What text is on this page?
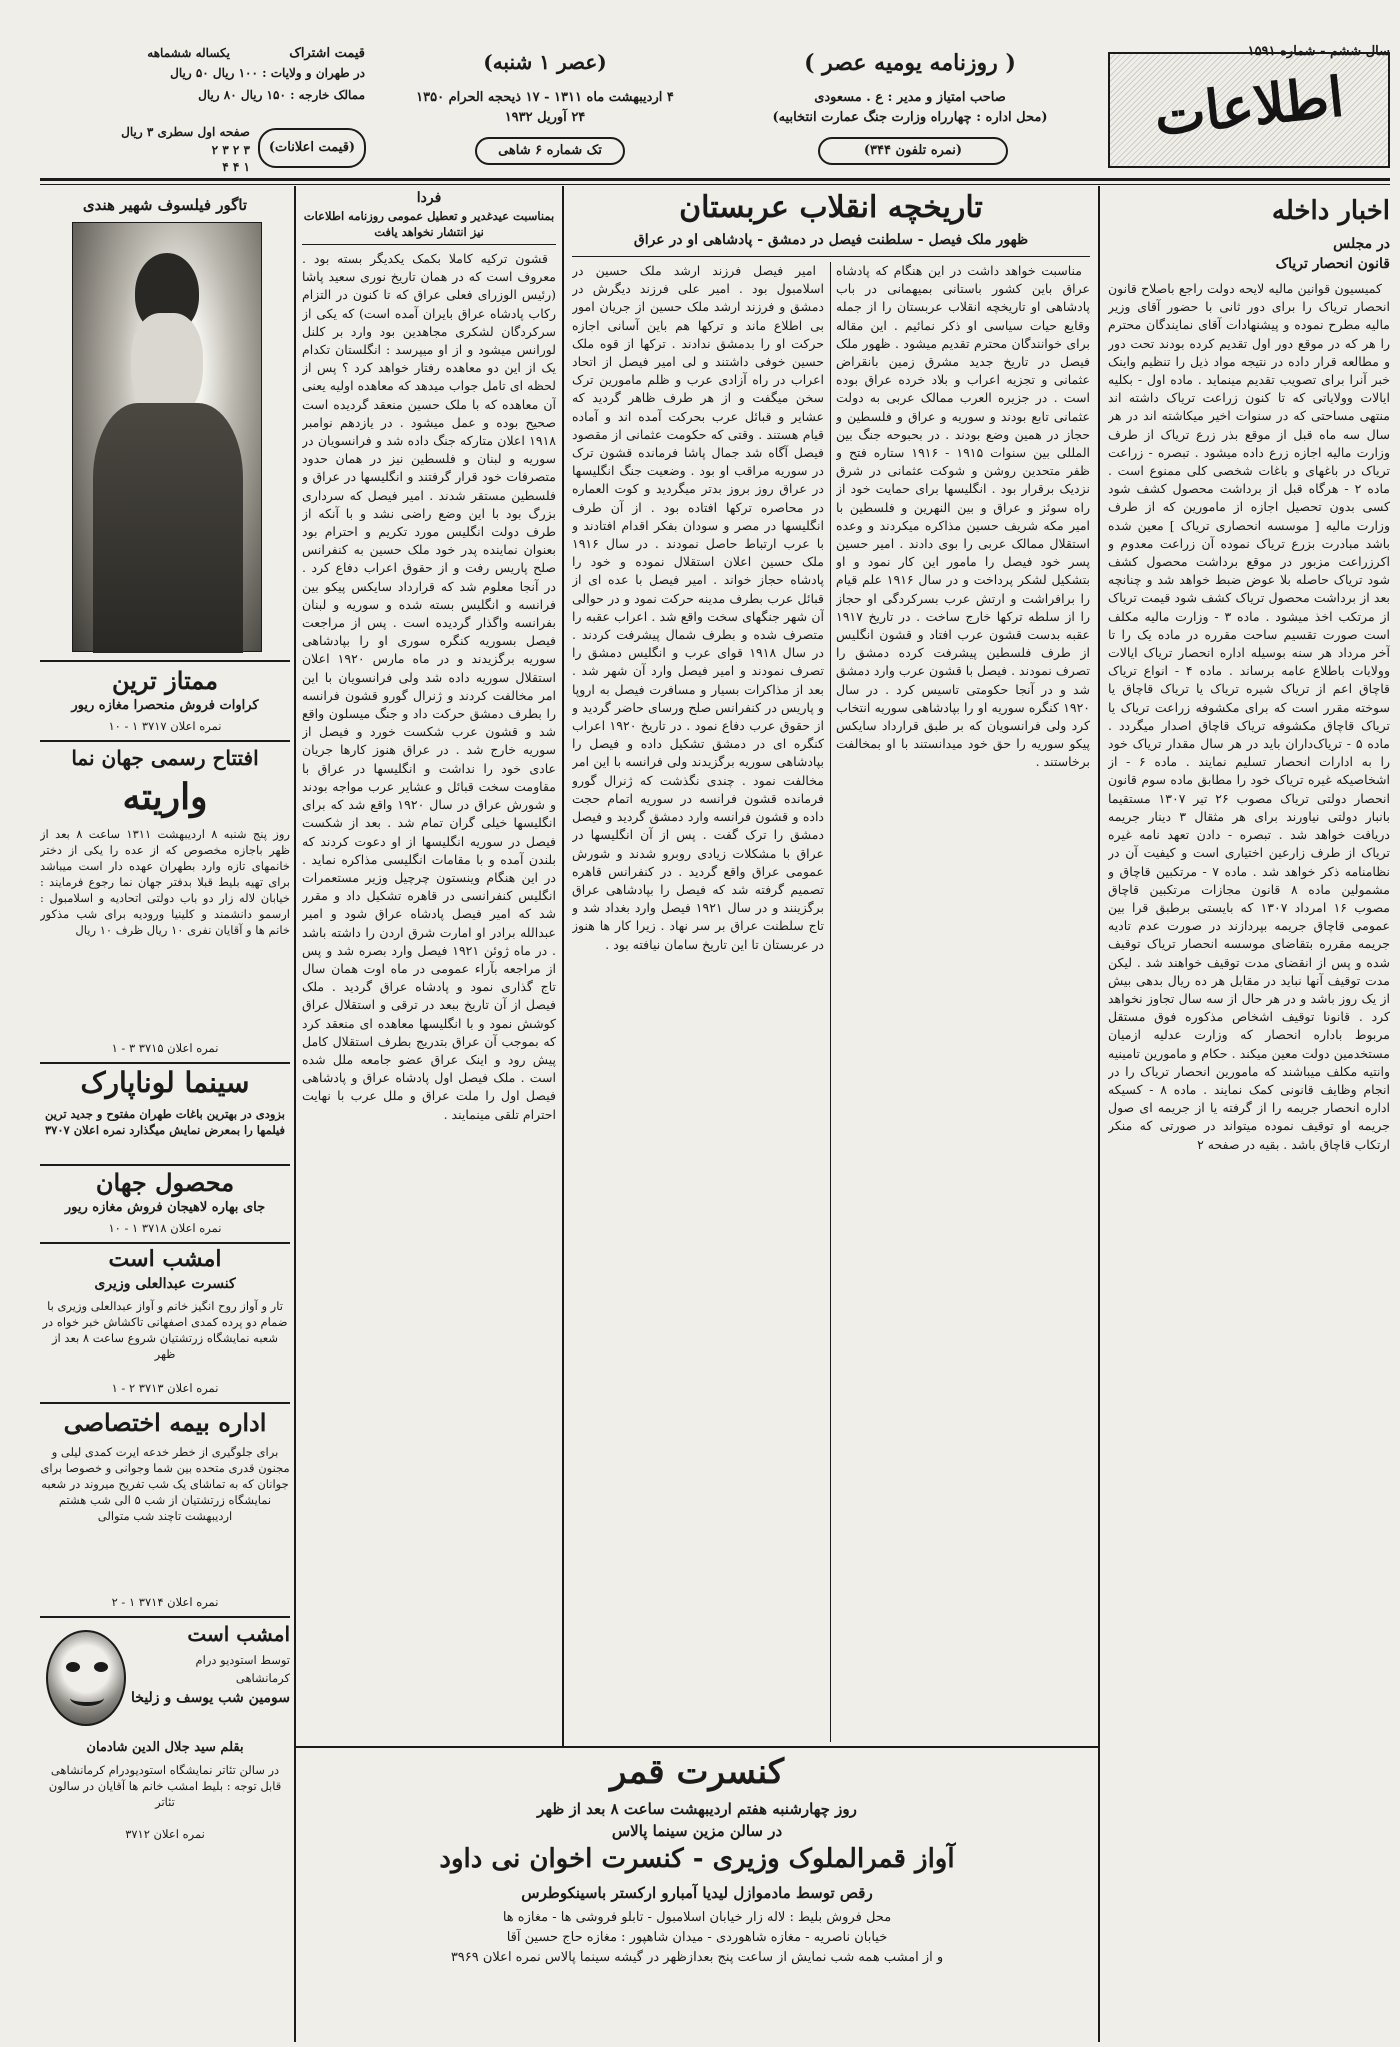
اطلاعات
سال ششم - شماره ۱۵۹۱
( روزنامه یومیه عصر )
صاحب امتیاز و مدیر : ع . مسعودی
(محل اداره : چهارراه وزارت جنگ عمارت انتخابیه)
(نمره تلفون ۳۴۴)
(عصر ۱ شنبه)
۴ اردیبهشت ماه ۱۳۱۱ - ۱۷ ذیحجه الحرام ۱۳۵۰
۲۴ آوریل ۱۹۳۲
تک شماره ۶ شاهی
قیمت اشتراک
یکساله ششماهه
در طهران و ولایات : ۱۰۰ ریال ۵۰ ریال
ممالک خارجه : ۱۵۰ ریال ۸۰ ریال
(قیمت اعلانات)
صفحه اول سطری ۳ ریال
۳ ۲ ۳ ۲
۱ ۴ ۴
اخبار داخله
در مجلس
قانون انحصار تریاک

کمیسیون قوانین مالیه لایحه دولت راجع باصلاح قانون انحصار تریاک را برای دور ثانی با حضور آقای وزیر مالیه مطرح نموده و پیشنهادات آقای نمایندگان محترم را هر که در موقع دور اول تقدیم کرده بودند تحت دور و مطالعه قرار داده در نتیجه مواد ذیل را تنظیم واینک خبر آنرا برای تصویب تقدیم مینماید . ماده اول - بکلیه ایالات وولایاتی که تا کنون زراعت تریاک داشته اند منتهی مساحتی که در سنوات اخیر میکاشته اند در هر سال سه ماه قبل از موقع بذر زرع تریاک از طرف وزارت مالیه اجازه زرع داده میشود . تبصره - زراعت تریاک در باغهای و باغات شخصی کلی ممنوع است . ماده ۲ - هرگاه قبل از برداشت محصول کشف شود کسی بدون تحصیل اجازه از مامورین که از طرف وزارت مالیه [ موسسه انحصاری تریاک ] معین شده باشد مبادرت بزرع تریاک نموده آن زراعت معدوم و اکرزراعت مزبور در موقع برداشت محصول کشف شود تریاک حاصله بلا عوض ضبط خواهد شد و چنانچه بعد از برداشت محصول تریاک کشف شود قیمت تریاک از مرتکب اخذ میشود . ماده ۳ - وزارت مالیه مکلف است صورت تقسیم ساحت مقرره در ماده یک را تا آخر مرداد هر سنه بوسیله اداره انحصار تریاک ایالات وولایات باطلاع عامه برساند . ماده ۴ - انواع تریاک قاچاق اعم از تریاک شیره تریاک یا تریاک قاچاق یا سوخته مقرر است که برای مکشوفه زراعت تریاک یا تریاک قاچاق مکشوفه تریاک قاچاق اصدار میگردد . ماده ۵ - تریاک‌داران باید در هر سال مقدار تریاک خود را به ادارات انحصار تسلیم نمایند . ماده ۶ - از اشخاصیکه غیره تریاک خود را مطابق ماده سوم قانون انحصار دولتی تریاک مصوب ۲۶ تیر ۱۳۰۷ مستقیما بانبار دولتی نیاورند برای هر مثقال ۳ دینار جریمه دریافت خواهد شد . تبصره - دادن تعهد نامه غیره تریاک از طرف زارعین اختیاری است و کیفیت آن در نظامنامه ذکر خواهد شد . ماده ۷ - مرتکبین قاچاق و مشمولین ماده ۸ قانون مجازات مرتکبین قاچاق مصوب ۱۶ امرداد ۱۳۰۷ که بایستی برطبق قرا بین عمومی قاچاق جریمه بپردازند در صورت عدم تادیه جریمه مقرره بتقاضای موسسه انحصار تریاک توقیف شده و پس از انقضای مدت توقیف خواهند شد . لیکن مدت توقیف آنها نباید در مقابل هر ده ریال بدهی بیش از یک روز باشد و در هر حال از سه سال تجاوز نخواهد کرد . قانونا توقیف اشخاص مذکوره فوق مستقل مربوط باداره انحصار که وزارت عدلیه ازمیان مستخدمین دولت معین میکند . حکام و مامورین تامینیه وانتیه مکلف میباشند که مامورین انحصار تریاک را در انجام وظایف قانونی کمک نمایند . ماده ۸ - کسیکه اداره انحصار جریمه را از گرفته یا از جریمه ای صول جریمه او توقیف نموده میتواند در صورتی که منکر ارتکاب قاچاق باشد . بقیه در صفحه ۲

تاریخچه انقلاب عربستان
ظهور ملک فیصل - سلطنت فیصل در دمشق - پادشاهی او در عراق

مناسبت خواهد داشت در این هنگام که پادشاه عراق باین کشور باستانی بمیهمانی در باب پادشاهی او تاریخچه انقلاب عربستان را از جمله وقایع حیات سیاسی او ذکر نمائیم . این مقاله برای خوانندگان محترم تقدیم میشود . ظهور ملک فیصل در تاریخ جدید مشرق زمین بانقراض عثمانی و تجزیه اعراب و بلاد خرده عراق بوده است . در جزیره العرب ممالک عربی به دولت عثمانی تابع بودند و سوریه و عراق و فلسطین و حجاز در همین وضع بودند . در بحبوحه جنگ بین المللی بین سنوات ۱۹۱۵ - ۱۹۱۶ ستاره فتح و ظفر متحدین روشن و شوکت عثمانی در شرق نزدیک برقرار بود . انگلیسها برای حمایت خود از راه سوئز و عراق و بین النهرین و فلسطین با امیر مکه شریف حسین مذاکره میکردند و وعده استقلال ممالک عربی را بوی دادند . امیر حسین پسر خود فیصل را مامور این کار نمود و او بتشکیل لشکر پرداخت و در سال ۱۹۱۶ علم قیام را برافراشت و ارتش عرب بسرکردگی او حجاز را از سلطه ترکها خارج ساخت . در تاریخ ۱۹۱۷ عقبه بدست قشون عرب افتاد و قشون انگلیس از طرف فلسطین پیشرفت کرده دمشق را تصرف نمودند . فیصل با قشون عرب وارد دمشق شد و در آنجا حکومتی تاسیس کرد . در سال ۱۹۲۰ کنگره سوریه او را بپادشاهی سوریه انتخاب کرد ولی فرانسویان که بر طبق قرارداد سایکس پیکو سوریه را حق خود میدانستند با او بمخالفت برخاستند .

امیر فیصل فرزند ارشد ملک حسین در اسلامبول بود . امیر علی فرزند دیگرش در دمشق و فرزند ارشد ملک حسین از جریان امور بی اطلاع ماند و ترکها هم باین آسانی اجازه حرکت او را بدمشق ندادند . ترکها از قوه ملک حسین خوفی داشتند و لی امیر فیصل از اتحاد اعراب در راه آزادی عرب و ظلم مامورین ترک سخن میگفت و از هر طرف ظاهر گردید که عشایر و قبائل عرب بحرکت آمده اند و آماده قیام هستند . وقتی که حکومت عثمانی از مقصود فیصل آگاه شد جمال پاشا فرمانده قشون ترک در سوریه مراقب او بود . وضعیت جنگ انگلیسها در عراق روز بروز بدتر میگردید و کوت العماره در محاصره ترکها افتاده بود . از آن طرف انگلیسها در مصر و سودان بفکر اقدام افتادند و با عرب ارتباط حاصل نمودند . در سال ۱۹۱۶ ملک حسین اعلان استقلال نموده و خود را پادشاه حجاز خواند . امیر فیصل با عده ای از قبائل عرب بطرف مدینه حرکت نمود و در حوالی آن شهر جنگهای سخت واقع شد . اعراب عقبه را متصرف شده و بطرف شمال پیشرفت کردند . در سال ۱۹۱۸ قوای عرب و انگلیس دمشق را تصرف نمودند و امیر فیصل وارد آن شهر شد . بعد از مذاکرات بسیار و مسافرت فیصل به اروپا و پاریس در کنفرانس صلح ورسای حاضر گردید و از حقوق عرب دفاع نمود . در تاریخ ۱۹۲۰ اعراب کنگره ای در دمشق تشکیل داده و فیصل را بپادشاهی سوریه برگزیدند ولی فرانسه با این امر مخالفت نمود . چندی نگذشت که ژنرال گورو فرمانده قشون فرانسه در سوریه اتمام حجت داده و قشون فرانسه وارد دمشق گردید و فیصل دمشق را ترک گفت . پس از آن انگلیسها در عراق با مشکلات زیادی روبرو شدند و شورش عمومی عراق واقع گردید . در کنفرانس قاهره تصمیم گرفته شد که فیصل را بپادشاهی عراق برگزینند و در سال ۱۹۲۱ فیصل وارد بغداد شد و تاج سلطنت عراق بر سر نهاد . زیرا کار ها هنوز در عربستان تا این تاریخ سامان نیافته بود .

فردا
بمناسبت عیدغدیر و تعطیل عمومی روزنامه اطلاعات نیز انتشار نخواهد یافت

قشون ترکیه کاملا بکمک یکدیگر بسته بود . معروف است که در همان تاریخ نوری سعید پاشا (رئیس الوزرای فعلی عراق که تا کنون در التزام رکاب پادشاه عراق بایران آمده است) که یکی از سرکردگان لشکری مجاهدین بود وارد بر کلنل لورانس میشود و از او میپرسد : انگلستان تکدام یک از این دو معاهده رفتار خواهد کرد ؟ پس از لحظه ای تامل جواب میدهد که معاهده اولیه یعنی آن معاهده که با ملک حسین منعقد گردیده است صحیح بوده و عمل میشود . در یازدهم نوامبر ۱۹۱۸ اعلان متارکه جنگ داده شد و فرانسویان در سوریه و لبنان و فلسطین نیز در همان حدود متصرفات خود قرار گرفتند و انگلیسها در عراق و فلسطین مستقر شدند . امیر فیصل که سرداری بزرگ بود با این وضع راضی نشد و با آنکه از طرف دولت انگلیس مورد تکریم و احترام بود بعنوان نماینده پدر خود ملک حسین به کنفرانس صلح پاریس رفت و از حقوق اعراب دفاع کرد . در آنجا معلوم شد که قرارداد سایکس پیکو بین فرانسه و انگلیس بسته شده و سوریه و لبنان بفرانسه واگذار گردیده است . پس از مراجعت فیصل بسوریه کنگره سوری او را بپادشاهی سوریه برگزیدند و در ماه مارس ۱۹۲۰ اعلان استقلال سوریه داده شد ولی فرانسویان با این امر مخالفت کردند و ژنرال گورو قشون فرانسه را بطرف دمشق حرکت داد و جنگ میسلون واقع شد و قشون عرب شکست خورد و فیصل از سوریه خارج شد . در عراق هنوز کارها جریان عادی خود را نداشت و انگلیسها در عراق با مقاومت سخت قبائل و عشایر عرب مواجه بودند و شورش عراق در سال ۱۹۲۰ واقع شد که برای انگلیسها خیلی گران تمام شد . بعد از شکست فیصل در سوریه انگلیسها از او دعوت کردند که بلندن آمده و با مقامات انگلیسی مذاکره نماید . در این هنگام وینستون چرچیل وزیر مستعمرات انگلیس کنفرانسی در قاهره تشکیل داد و مقرر شد که امیر فیصل پادشاه عراق شود و امیر عبدالله برادر او امارت شرق اردن را داشته باشد . در ماه ژوئن ۱۹۲۱ فیصل وارد بصره شد و پس از مراجعه بآراء عمومی در ماه اوت همان سال تاج گذاری نمود و پادشاه عراق گردید . ملک فیصل از آن تاریخ ببعد در ترقی و استقلال عراق کوشش نمود و با انگلیسها معاهده ای منعقد کرد که بموجب آن عراق بتدریج بطرف استقلال کامل پیش رود و اینک عراق عضو جامعه ملل شده است . ملک فیصل اول پادشاه عراق و پادشاهی فیصل اول را ملت عراق و ملل عرب با نهایت احترام تلقی مینمایند .

کنسرت قمر
روز چهارشنبه هفتم اردیبهشت ساعت ۸ بعد از ظهر
در سالن مزین سینما پالاس
آواز قمرالملوک وزیری - کنسرت اخوان نی داود
رقص توسط مادموازل لیدیا آمبارو ارکستر باسینکوطرس
محل فروش بلیط : لاله زار خیابان اسلامبول - تابلو فروشی ها - مغازه ها
خیابان ناصریه - مغازه شاهوردی - میدان شاهپور : مغازه حاج حسین آقا
و از امشب همه شب نمایش از ساعت پنج بعدازظهر در گیشه سینما پالاس نمره اعلان ۳۹۶۹
تاگور فیلسوف شهیر هندی
ممتاز ترین
کراوات فروش منحصرا مغازه ریور
نمره اعلان ۳۷۱۷ ۱ - ۱۰
افتتاح رسمی جهان نما
واریته
روز پنج شنبه ۸ اردیبهشت ۱۳۱۱ ساعت ۸ بعد از ظهر باجازه مخصوص که از عده را یکی از دختر خانمهای تازه وارد بطهران عهده دار است میباشد برای تهیه بلیط قبلا بدفتر جهان نما رجوع فرمایند : خیابان لاله زار دو باب دولتی اتحادیه و اسلامبول : ارسمو دانشمند و کلینیا ورودیه برای شب مذکور خانم ها و آقایان نفری ۱۰ ریال ظرف ۱۰ ریال
نمره اعلان ۳۷۱۵ ۳ - ۱
سینما لوناپارک
بزودی در بهترین باغات طهران مفتوح و جدید ترین فیلمها را بمعرض نمایش میگذارد نمره اعلان ۳۷۰۷
محصول جهان
جای بهاره لاهیجان فروش مغازه ریور
نمره اعلان ۳۷۱۸ ۱ - ۱۰
امشب است
کنسرت عبدالعلی وزیری
تار و آواز روح انگیز خانم و آواز عبدالعلی وزیری با ضمام دو پرده کمدی اصفهانی تاکشاش خبر خواه در شعبه نمایشگاه زرتشتیان شروع ساعت ۸ بعد از ظهر
نمره اعلان ۳۷۱۳ ۲ - ۱
اداره بیمه اختصاصی
برای جلوگیری از خطر خدعه ایرت کمدی لیلی و مجنون قدری متحده بین شما وجوانی و خصوصا برای جوانان که به تماشای یک شب تفریح میروند در شعبه نمایشگاه زرتشتیان از شب ۵ الی شب هشتم اردیبهشت تاچند شب متوالی
نمره اعلان ۳۷۱۴ ۱ - ۲
امشب است
توسط استودیو درام
کرمانشاهی
سومین شب یوسف و زلیخا
بقلم سید جلال الدین شادمان
در سالن تئاتر نمایشگاه استودیودرام کرمانشاهی قابل توجه : بلیط امشب خانم ها آقایان در سالون تئاتر
نمره اعلان ۳۷۱۲
